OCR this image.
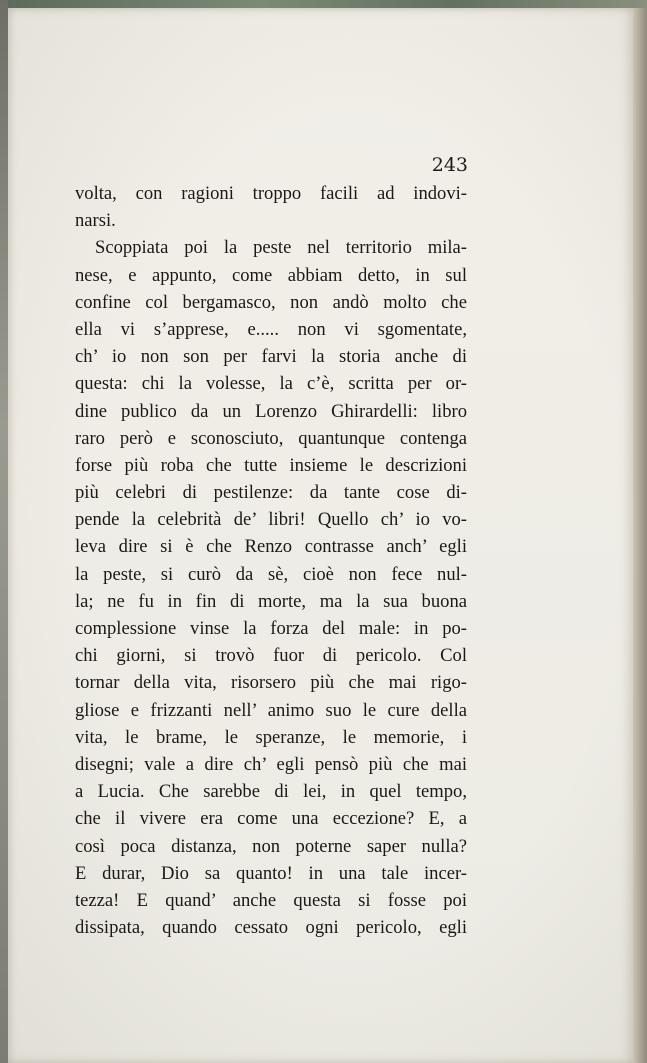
243
volta, con ragioni troppo facili ad indovi-
narsi.
Scoppiata poi la peste nel territorio mila-
nese, e appunto, come abbiam detto, in sul
confine col bergamasco, non andò molto che
ella vi s’apprese, e..... non vi sgomentate,
ch’ io non son per farvi la storia anche di
questa: chi la volesse, la c’è, scritta per or-
dine publico da un Lorenzo Ghirardelli: libro
raro però e sconosciuto, quantunque contenga
forse più roba che tutte insieme le descrizioni
più celebri di pestilenze: da tante cose di-
pende la celebrità de’ libri! Quello ch’ io vo-
leva dire si è che Renzo contrasse anch’ egli
la peste, si curò da sè, cioè non fece nul-
la; ne fu in fin di morte, ma la sua buona
complessione vinse la forza del male: in po-
chi giorni, si trovò fuor di pericolo. Col
tornar della vita, risorsero più che mai rigo-
gliose e frizzanti nell’ animo suo le cure della
vita, le brame, le speranze, le memorie, i
disegni; vale a dire ch’ egli pensò più che mai
a Lucia. Che sarebbe di lei, in quel tempo,
che il vivere era come una eccezione? E, a
così poca distanza, non poterne saper nulla?
E durar, Dio sa quanto! in una tale incer-
tezza! E quand’ anche questa si fosse poi
dissipata, quando cessato ogni pericolo, egli
